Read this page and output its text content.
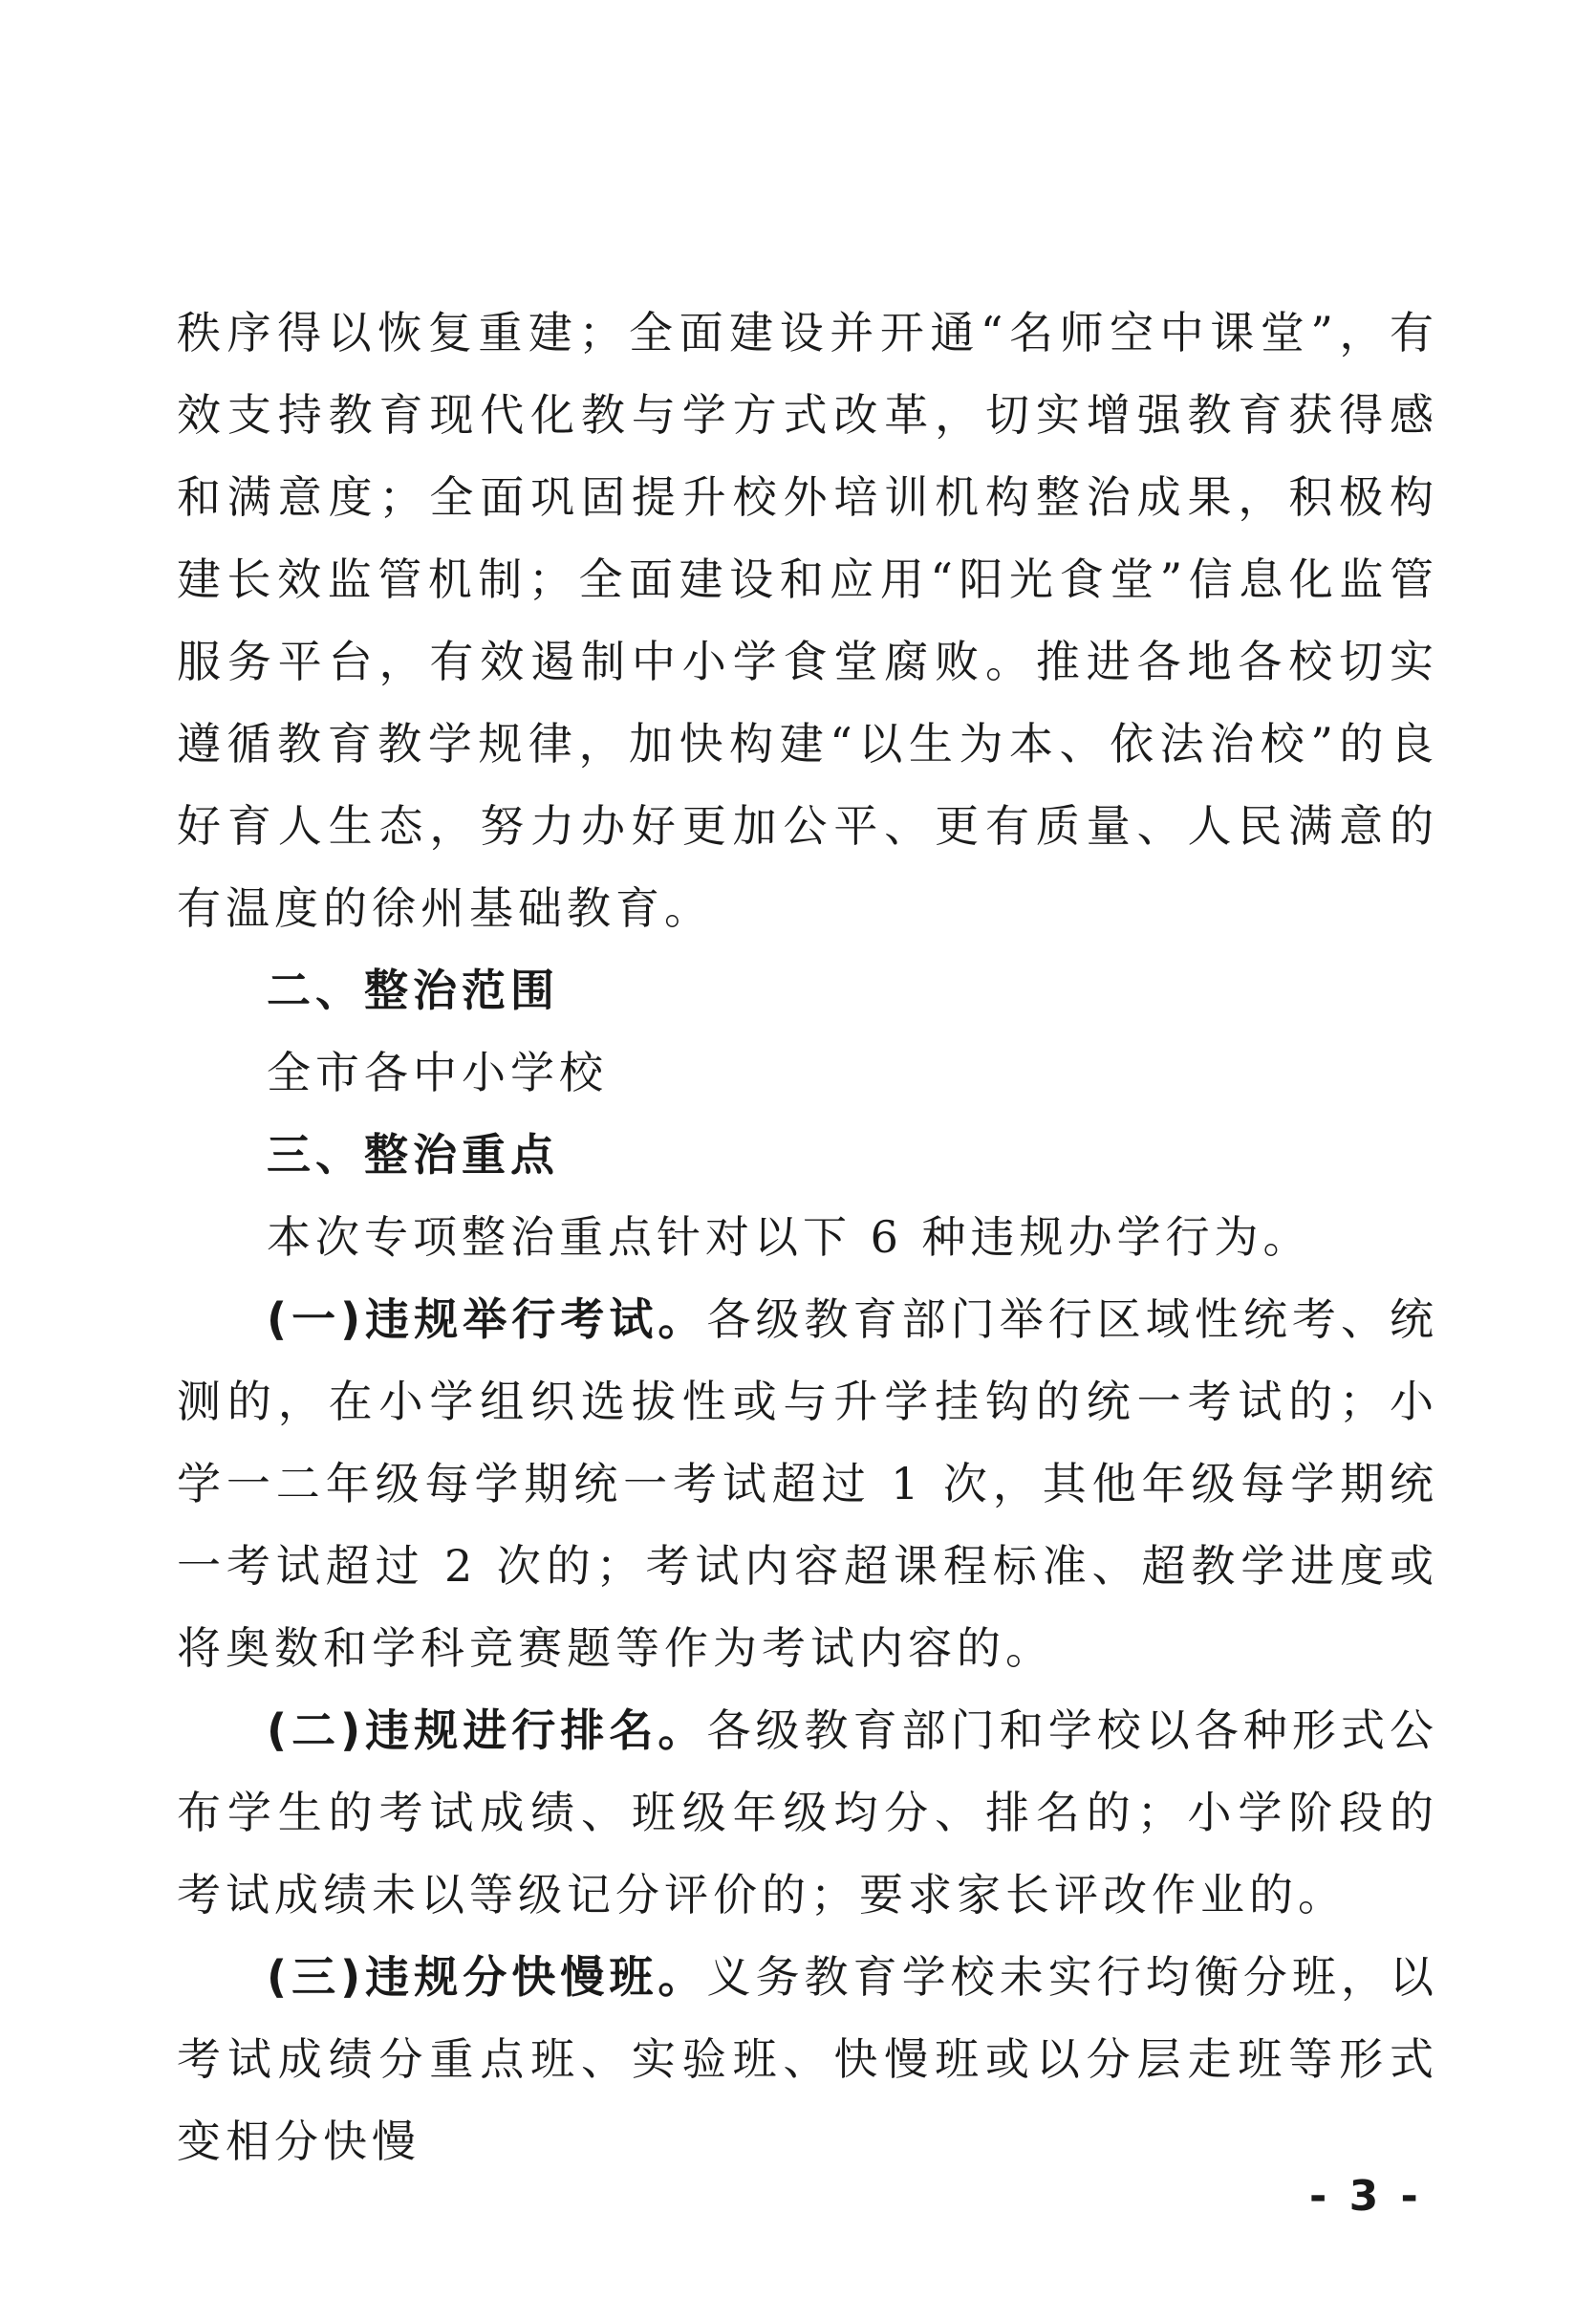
秩序得以恢复重建；全面建设并开通“名师空中课堂”，有效支持教育现代化教与学方式改革，切实增强教育获得感和满意度；全面巩固提升校外培训机构整治成果，积极构建长效监管机制；全面建设和应用“阳光食堂”信息化监管服务平台，有效遏制中小学食堂腐败。推进各地各校切实遵循教育教学规律，加快构建“以生为本、依法治校”的良好育人生态，努力办好更加公平、更有质量、人民满意的有温度的徐州基础教育。

二、整治范围

全市各中小学校

三、整治重点

本次专项整治重点针对以下 6 种违规办学行为。

(一)违规举行考试。各级教育部门举行区域性统考、统测的，在小学组织选拔性或与升学挂钩的统一考试的；小学一二年级每学期统一考试超过 1 次，其他年级每学期统一考试超过 2 次的；考试内容超课程标准、超教学进度或将奥数和学科竞赛题等作为考试内容的。

(二)违规进行排名。各级教育部门和学校以各种形式公布学生的考试成绩、班级年级均分、排名的；小学阶段的考试成绩未以等级记分评价的；要求家长评改作业的。

(三)违规分快慢班。义务教育学校未实行均衡分班，以考试成绩分重点班、实验班、快慢班或以分层走班等形式变相分快慢

- 3 -
